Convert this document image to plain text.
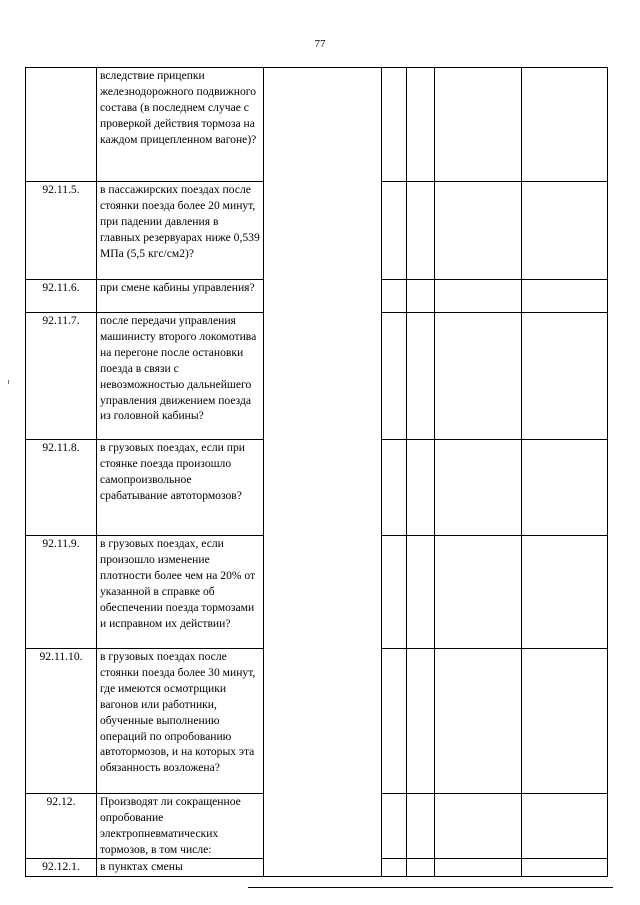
77
	вследствие прицепки железнодорожного подвижного состава (в последнем случае с проверкой действия тормоза на каждом прицепленном вагоне)?					
92.11.5.	в пассажирских поездах после стоянки поезда более 20 минут, при падении давления в главных резервуарах ниже 0,539 МПа (5,5 кгс/см2)?					
92.11.6.	при смене кабины управления?					
92.11.7.	после передачи управления машинисту второго локомотива на перегоне после остановки поезда в связи с невозможностью дальнейшего управления движением поезда из головной кабины?					
92.11.8.	в грузовых поездах, если при стоянке поезда произошло самопроизвольное срабатывание автотормозов?					
92.11.9.	в грузовых поездах, если произошло изменение плотности более чем на 20% от указанной в справке об обеспечении поезда тормозами и исправном их действии?					
92.11.10.	в грузовых поездах после стоянки поезда более 30 минут, где имеются осмотрщики вагонов или работники, обученные выполнению операций по опробованию автотормозов, и на которых эта обязанность возложена?					
92.12.	Производят ли сокращенное опробование электропневматических тормозов, в том числе:					
92.12.1.	в пунктах смены					
